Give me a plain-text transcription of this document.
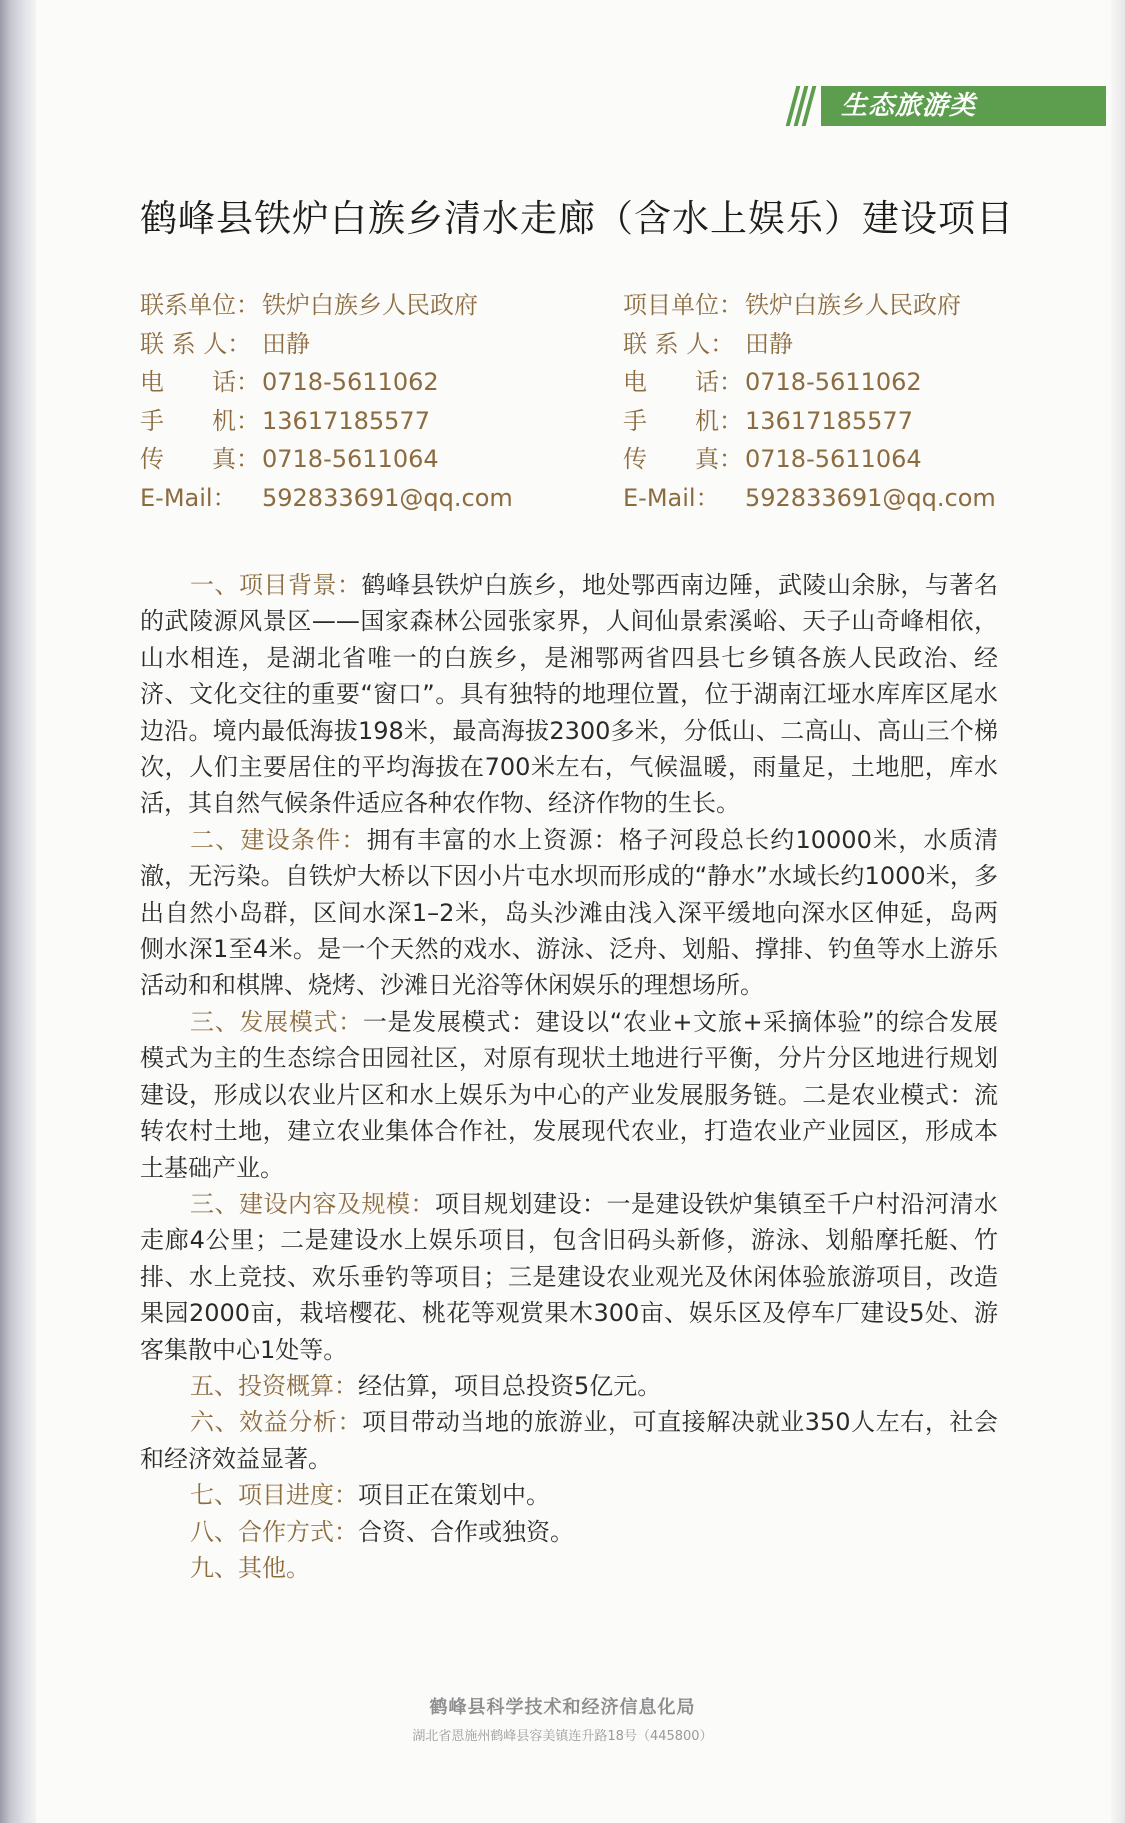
生态旅游类
鹤峰县铁炉白族乡清水走廊（含水上娱乐）建设项目
联系单位： 铁炉白族乡人民政府
联 系 人： 田静
电　　话： 0718-5611062
手　　机： 13617185577
传　　真： 0718-5611064
E-Mail：	592833691@qq.com
项目单位： 铁炉白族乡人民政府
联 系 人： 田静
电　　话： 0718-5611062
手　　机： 13617185577
传　　真： 0718-5611064
E-Mail：	592833691@qq.com

一、项目背景：鹤峰县铁炉白族乡，地处鄂西南边陲，武陵山余脉，与著名的武陵源风景区——国家森林公园张家界，人间仙景索溪峪、天子山奇峰相依，山水相连，是湖北省唯一的白族乡，是湘鄂两省四县七乡镇各族人民政治、经济、文化交往的重要“窗口”。具有独特的地理位置，位于湖南江垭水库库区尾水边沿。境内最低海拔198米，最高海拔2300多米，分低山、二高山、高山三个梯次，人们主要居住的平均海拔在700米左右，气候温暖，雨量足，土地肥，库水活，其自然气候条件适应各种农作物、经济作物的生长。

二、建设条件：拥有丰富的水上资源：格子河段总长约10000米，水质清澈，无污染。自铁炉大桥以下因小片屯水坝而形成的“静水”水域长约1000米，多出自然小岛群，区间水深1–2米，岛头沙滩由浅入深平缓地向深水区伸延，岛两侧水深1至4米。是一个天然的戏水、游泳、泛舟、划船、撑排、钓鱼等水上游乐活动和和棋牌、烧烤、沙滩日光浴等休闲娱乐的理想场所。

三、发展模式：一是发展模式：建设以“农业+文旅+采摘体验”的综合发展模式为主的生态综合田园社区，对原有现状土地进行平衡，分片分区地进行规划建设，形成以农业片区和水上娱乐为中心的产业发展服务链。二是农业模式：流转农村土地，建立农业集体合作社，发展现代农业，打造农业产业园区，形成本土基础产业。

三、建设内容及规模：项目规划建设：一是建设铁炉集镇至千户村沿河清水走廊4公里；二是建设水上娱乐项目，包含旧码头新修，游泳、划船摩托艇、竹排、水上竞技、欢乐垂钓等项目；三是建设农业观光及休闲体验旅游项目，改造果园2000亩，栽培樱花、桃花等观赏果木300亩、娱乐区及停车厂建设5处、游客集散中心1处等。

五、投资概算：经估算，项目总投资5亿元。

六、效益分析：项目带动当地的旅游业，可直接解决就业350人左右，社会和经济效益显著。

七、项目进度：项目正在策划中。

八、合作方式：合资、合作或独资。

九、其他。

鹤峰县科学技术和经济信息化局
湖北省恩施州鹤峰县容美镇连升路18号（445800）
